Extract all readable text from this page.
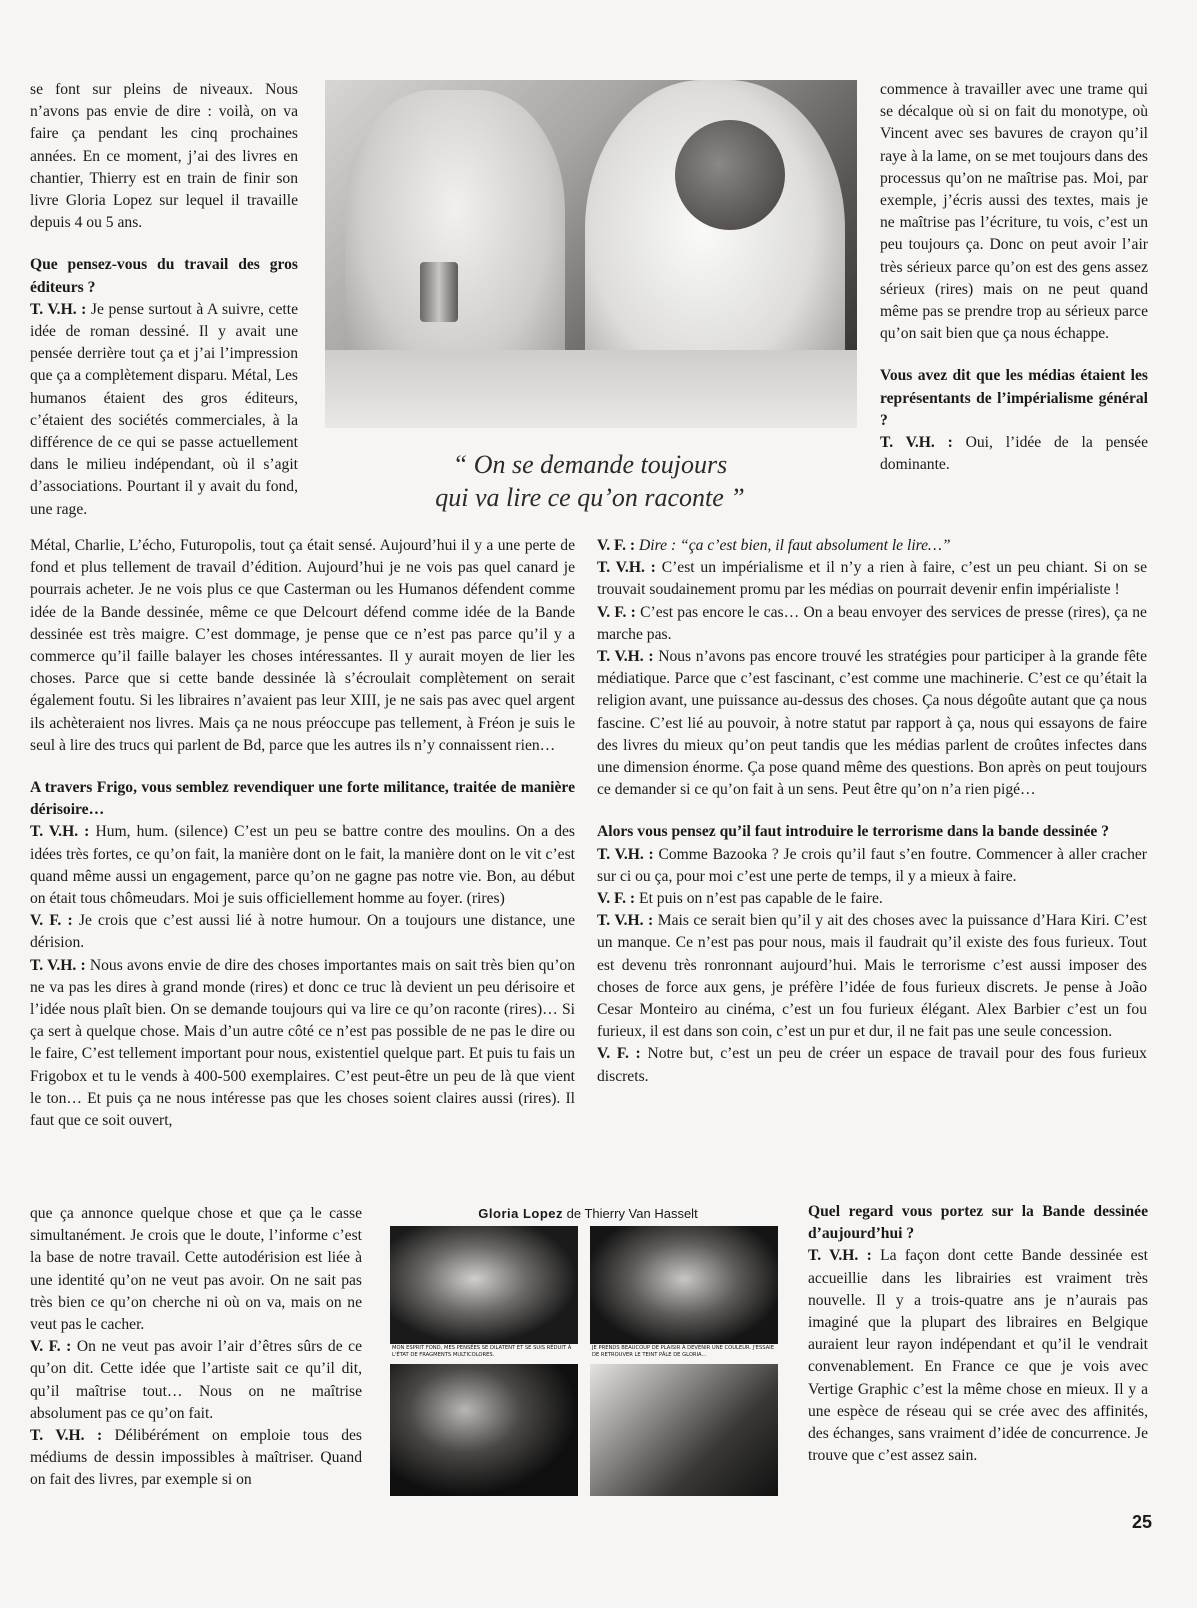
se font sur pleins de niveaux. Nous n’avons pas envie de dire : voilà, on va faire ça pendant les cinq prochaines années. En ce moment, j’ai des livres en chantier, Thierry est en train de finir son livre Gloria Lopez sur lequel il travaille depuis 4 ou 5 ans.

Que pensez-vous du travail des gros éditeurs ?

T. V.H. : Je pense surtout à A suivre, cette idée de roman dessiné. Il y avait une pensée derrière tout ça et j’ai l’impression que ça a complètement disparu. Métal, Les humanos étaient des gros éditeurs, c’étaient des sociétés commerciales, à la différence de ce qui se passe actuellement dans le milieu indépendant, où il s’agit d’associations. Pourtant il y avait du fond, une rage.

commence à travailler avec une trame qui se décalque où si on fait du monotype, où Vincent avec ses bavures de crayon qu’il raye à la lame, on se met toujours dans des processus qu’on ne maîtrise pas. Moi, par exemple, j’écris aussi des textes, mais je ne maîtrise pas l’écriture, tu vois, c’est un peu toujours ça. Donc on peut avoir l’air très sérieux parce qu’on est des gens assez sérieux (rires) mais on ne peut quand même pas se prendre trop au sérieux parce qu’on sait bien que ça nous échappe.

Vous avez dit que les médias étaient les représentants de l’impérialisme général ?

T. V.H. : Oui, l’idée de la pensée dominante.

“ On se demande toujours
qui va lire ce qu’on raconte ”

Métal, Charlie, L’écho, Futuropolis, tout ça était sensé. Aujourd’hui il y a une perte de fond et plus tellement de travail d’édition. Aujourd’hui je ne vois pas quel canard je pourrais acheter. Je ne vois plus ce que Casterman ou les Humanos défendent comme idée de la Bande dessinée, même ce que Delcourt défend comme idée de la Bande dessinée est très maigre. C’est dommage, je pense que ce n’est pas parce qu’il y a commerce qu’il faille balayer les choses intéressantes. Il y aurait moyen de lier les choses. Parce que si cette bande dessinée là s’écroulait complètement on serait également foutu. Si les libraires n’avaient pas leur XIII, je ne sais pas avec quel argent ils achèteraient nos livres. Mais ça ne nous préoccupe pas tellement, à Fréon je suis le seul à lire des trucs qui parlent de Bd, parce que les autres ils n’y connaissent rien…

A travers Frigo, vous semblez revendiquer une forte militance, traitée de manière dérisoire…

T. V.H. : Hum, hum. (silence) C’est un peu se battre contre des moulins. On a des idées très fortes, ce qu’on fait, la manière dont on le fait, la manière dont on le vit c’est quand même aussi un engagement, parce qu’on ne gagne pas notre vie. Bon, au début on était tous chômeudars. Moi je suis officiellement homme au foyer. (rires)

V. F. : Je crois que c’est aussi lié à notre humour. On a toujours une distance, une dérision.

T. V.H. : Nous avons envie de dire des choses importantes mais on sait très bien qu’on ne va pas les dires à grand monde (rires) et donc ce truc là devient un peu dérisoire et l’idée nous plaît bien. On se demande toujours qui va lire ce qu’on raconte (rires)… Si ça sert à quelque chose. Mais d’un autre côté ce n’est pas possible de ne pas le dire ou le faire, C’est tellement important pour nous, existentiel quelque part. Et puis tu fais un Frigobox et tu le vends à 400-500 exemplaires. C’est peut-être un peu de là que vient le ton… Et puis ça ne nous intéresse pas que les choses soient claires aussi (rires). Il faut que ce soit ouvert,

que ça annonce quelque chose et que ça le casse simultanément. Je crois que le doute, l’informe c’est la base de notre travail. Cette autodérision est liée à une identité qu’on ne veut pas avoir. On ne sait pas très bien ce qu’on cherche ni où on va, mais on ne veut pas le cacher.

V. F. : On ne veut pas avoir l’air d’êtres sûrs de ce qu’on dit. Cette idée que l’artiste sait ce qu’il dit, qu’il maîtrise tout… Nous on ne maîtrise absolument pas ce qu’on fait.

T. V.H. : Délibérément on emploie tous des médiums de dessin impossibles à maîtriser. Quand on fait des livres, par exemple si on

V. F. : Dire : “ça c’est bien, il faut absolument le lire…”

T. V.H. : C’est un impérialisme et il n’y a rien à faire, c’est un peu chiant. Si on se trouvait soudainement promu par les médias on pourrait devenir enfin impérialiste !

V. F. : C’est pas encore le cas… On a beau envoyer des services de presse (rires), ça ne marche pas.

T. V.H. : Nous n’avons pas encore trouvé les stratégies pour participer à la grande fête médiatique. Parce que c’est fascinant, c’est comme une machinerie. C’est ce qu’était la religion avant, une puissance au-dessus des choses. Ça nous dégoûte autant que ça nous fascine. C’est lié au pouvoir, à notre statut par rapport à ça, nous qui essayons de faire des livres du mieux qu’on peut tandis que les médias parlent de croûtes infectes dans une dimension énorme. Ça pose quand même des questions. Bon après on peut toujours ce demander si ce qu’on fait à un sens. Peut être qu’on n’a rien pigé…

Alors vous pensez qu’il faut introduire le terrorisme dans la bande dessinée ?

T. V.H. : Comme Bazooka ? Je crois qu’il faut s’en foutre. Commencer à aller cracher sur ci ou ça, pour moi c’est une perte de temps, il y a mieux à faire.

V. F. : Et puis on n’est pas capable de le faire.

T. V.H. : Mais ce serait bien qu’il y ait des choses avec la puissance d’Hara Kiri. C’est un manque. Ce n’est pas pour nous, mais il faudrait qu’il existe des fous furieux. Tout est devenu très ronronnant aujourd’hui. Mais le terrorisme c’est aussi imposer des choses de force aux gens, je préfère l’idée de fous furieux discrets. Je pense à João Cesar Monteiro au cinéma, c’est un fou furieux élégant. Alex Barbier c’est un fou furieux, il est dans son coin, c’est un pur et dur, il ne fait pas une seule concession.

V. F. : Notre but, c’est un peu de créer un espace de travail pour des fous furieux discrets.

Gloria Lopez de Thierry Van Hasselt
MON ESPRIT FOND, MES PENSÉES SE DILATENT ET SE SUIS RÉDUIT À L'ÉTAT DE FRAGMENTS MULTICOLORES.
JE PRENDS BEAUCOUP DE PLAISIR À DEVENIR UNE COULEUR. J'ESSAIE DE RETROUVER LE TEINT PÂLE DE GLORIA...

Quel regard vous portez sur la Bande dessinée d’aujourd’hui ?

T. V.H. : La façon dont cette Bande dessinée est accueillie dans les librairies est vraiment très nouvelle. Il y a trois-quatre ans je n’aurais pas imaginé que la plupart des libraires en Belgique auraient leur rayon indépendant et qu’il le vendrait convenablement. En France ce que je vois avec Vertige Graphic c’est la même chose en mieux. Il y a une espèce de réseau qui se crée avec des affinités, des échanges, sans vraiment d’idée de concurrence. Je trouve que c’est assez sain.

25
